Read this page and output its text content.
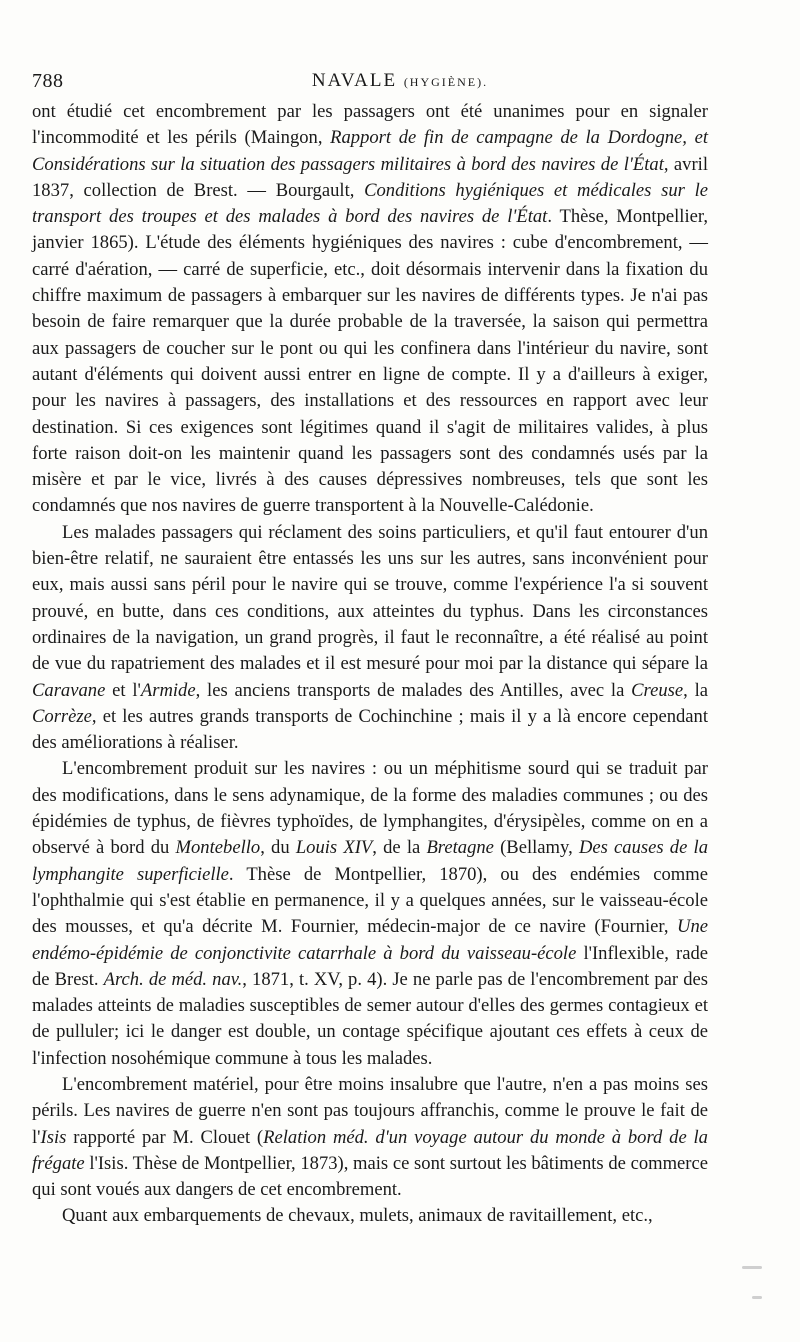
788	NAVALE (HYGIÈNE).

ont étudié cet encombrement par les passagers ont été unanimes pour en signaler l'incommodité et les périls (Maingon, Rapport de fin de campagne de la Dordogne, et Considérations sur la situation des passagers militaires à bord des navires de l'État, avril 1837, collection de Brest. — Bourgault, Conditions hygiéniques et médicales sur le transport des troupes et des malades à bord des navires de l'État. Thèse, Montpellier, janvier 1865). L'étude des éléments hygiéniques des navires : cube d'encombrement, — carré d'aération, — carré de superficie, etc., doit désormais intervenir dans la fixation du chiffre maximum de passagers à embarquer sur les navires de différents types. Je n'ai pas besoin de faire remarquer que la durée probable de la traversée, la saison qui permettra aux passagers de coucher sur le pont ou qui les confinera dans l'intérieur du navire, sont autant d'éléments qui doivent aussi entrer en ligne de compte. Il y a d'ailleurs à exiger, pour les navires à passagers, des installations et des ressources en rapport avec leur destination. Si ces exigences sont légitimes quand il s'agit de militaires valides, à plus forte raison doit-on les maintenir quand les passagers sont des condamnés usés par la misère et par le vice, livrés à des causes dépressives nombreuses, tels que sont les condamnés que nos navires de guerre transportent à la Nouvelle-Calédonie.

Les malades passagers qui réclament des soins particuliers, et qu'il faut entourer d'un bien-être relatif, ne sauraient être entassés les uns sur les autres, sans inconvénient pour eux, mais aussi sans péril pour le navire qui se trouve, comme l'expérience l'a si souvent prouvé, en butte, dans ces conditions, aux atteintes du typhus. Dans les circonstances ordinaires de la navigation, un grand progrès, il faut le reconnaître, a été réalisé au point de vue du rapatriement des malades et il est mesuré pour moi par la distance qui sépare la Caravane et l'Armide, les anciens transports de malades des Antilles, avec la Creuse, la Corrèze, et les autres grands transports de Cochinchine ; mais il y a là encore cependant des améliorations à réaliser.

L'encombrement produit sur les navires : ou un méphitisme sourd qui se traduit par des modifications, dans le sens adynamique, de la forme des maladies communes ; ou des épidémies de typhus, de fièvres typhoïdes, de lymphangites, d'érysipèles, comme on en a observé à bord du Montebello, du Louis XIV, de la Bretagne (Bellamy, Des causes de la lymphangite superficielle. Thèse de Montpellier, 1870), ou des endémies comme l'ophthalmie qui s'est établie en permanence, il y a quelques années, sur le vaisseau-école des mousses, et qu'a décrite M. Fournier, médecin-major de ce navire (Fournier, Une endémo-épidémie de conjonctivite catarrhale à bord du vaisseau-école l'Inflexible, rade de Brest. Arch. de méd. nav., 1871, t. XV, p. 4). Je ne parle pas de l'encombrement par des malades atteints de maladies susceptibles de semer autour d'elles des germes contagieux et de pulluler; ici le danger est double, un contage spécifique ajoutant ces effets à ceux de l'infection nosohémique commune à tous les malades.

L'encombrement matériel, pour être moins insalubre que l'autre, n'en a pas moins ses périls. Les navires de guerre n'en sont pas toujours affranchis, comme le prouve le fait de l'Isis rapporté par M. Clouet (Relation méd. d'un voyage autour du monde à bord de la frégate l'Isis. Thèse de Montpellier, 1873), mais ce sont surtout les bâtiments de commerce qui sont voués aux dangers de cet encombrement.

Quant aux embarquements de chevaux, mulets, animaux de ravitaillement, etc.,
